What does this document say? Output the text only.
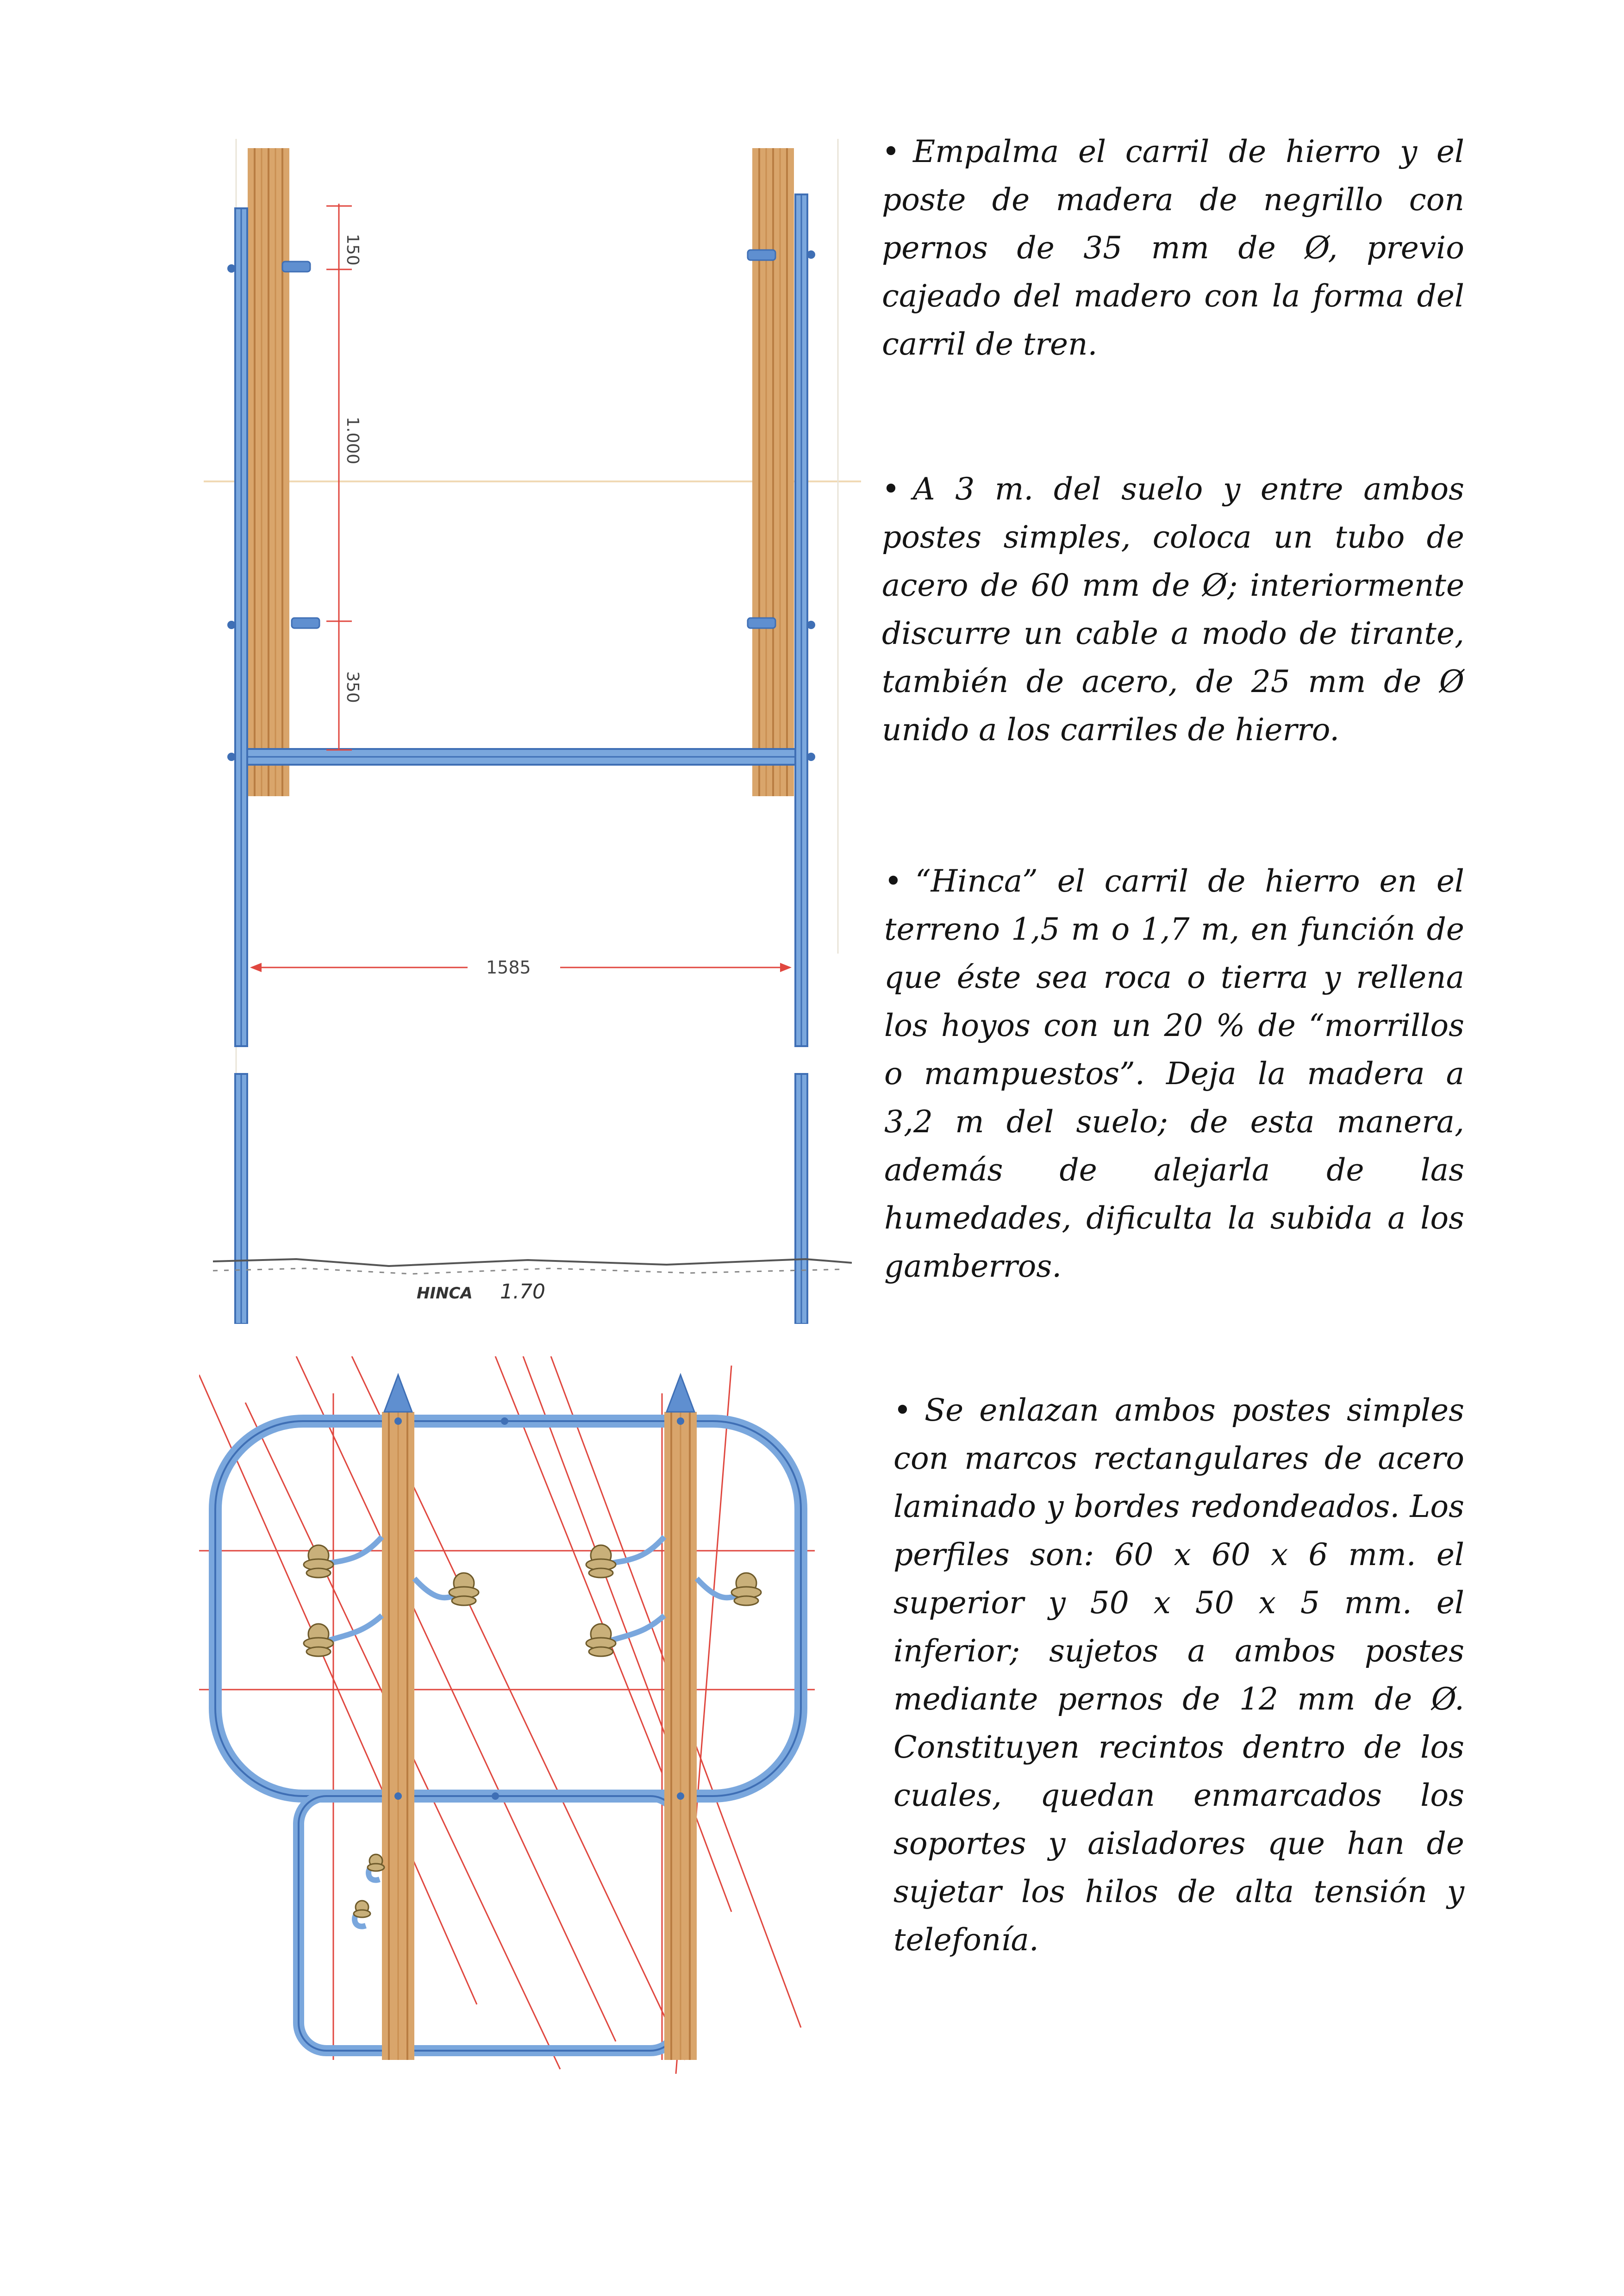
150
1.000
350
1585
HINCA 1.70

• Empalma el carril de hierro y el poste de madera de negrillo con pernos de 35 mm de Ø, previo cajeado del madero con la forma del carril de tren.

• A 3 m. del suelo y entre ambos postes simples, coloca un tubo de acero de 60 mm de Ø; interiormente discurre un cable a modo de tirante, también de acero, de 25 mm de Ø unido a los carriles de hierro.

• “Hinca” el carril de hierro en el terreno 1,5 m o 1,7 m, en función de que éste sea roca o tierra y rellena los hoyos con un 20 % de “morrillos o mampuestos”. Deja la madera a 3,2 m del suelo; de esta manera, además de alejarla de las humedades, dificulta la subida a los gamberros.

• Se enlazan ambos postes simples con marcos rectangulares de acero laminado y bordes redondeados. Los perfiles son: 60 x 60 x 6 mm. el superior y 50 x 50 x 5 mm. el inferior; sujetos a ambos postes mediante pernos de 12 mm de Ø. Constituyen recintos dentro de los cuales, quedan enmarcados los soportes y aisladores que han de sujetar los hilos de alta tensión y telefonía.
